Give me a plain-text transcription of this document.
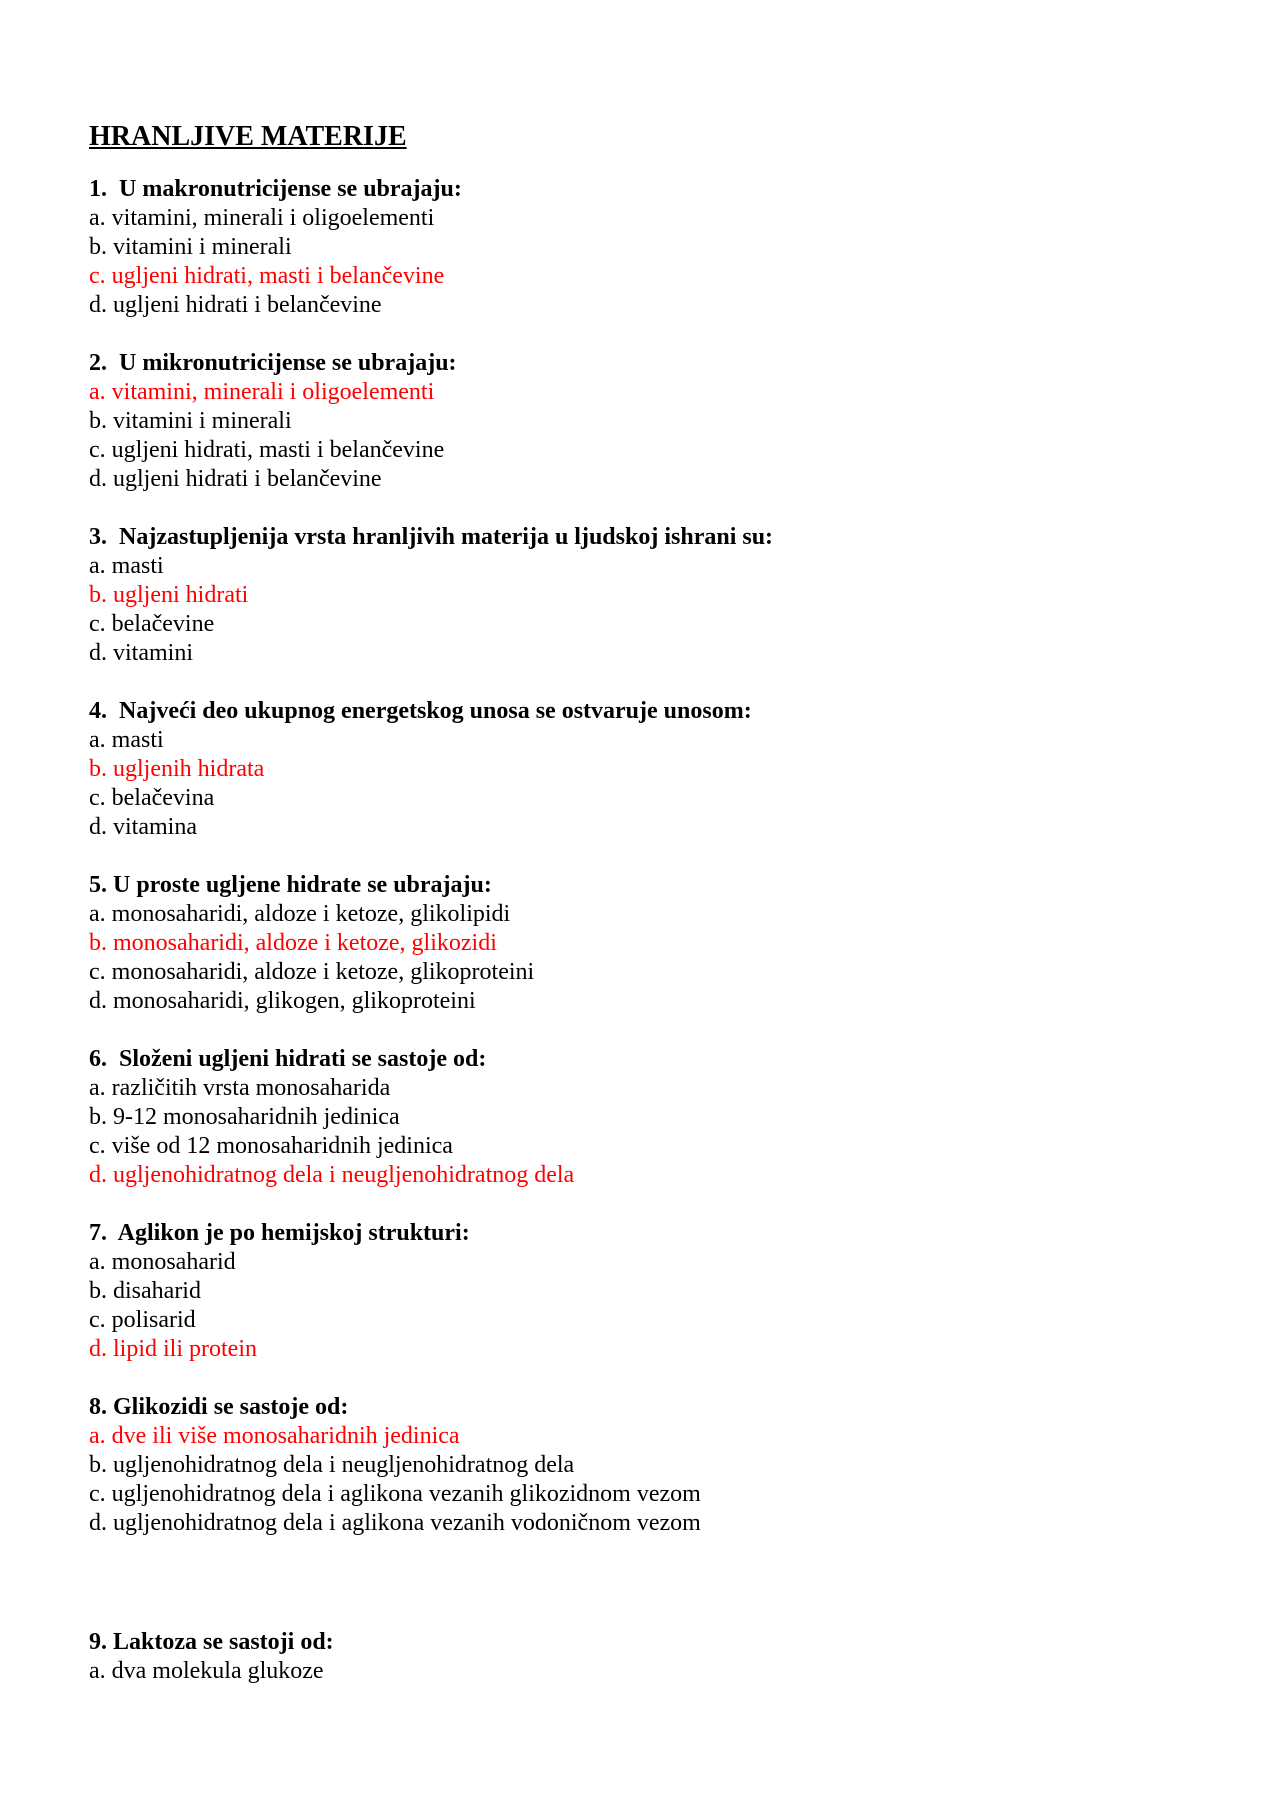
HRANLJIVE MATERIJE
1.  U makronutricijense se ubrajaju:
a. vitamini, minerali i oligoelementi
b. vitamini i minerali
c. ugljeni hidrati, masti i belančevine
d. ugljeni hidrati i belančevine
2.  U mikronutricijense se ubrajaju:
a. vitamini, minerali i oligoelementi
b. vitamini i minerali
c. ugljeni hidrati, masti i belančevine
d. ugljeni hidrati i belančevine
3.  Najzastupljenija vrsta hranljivih materija u ljudskoj ishrani su:
a. masti
b. ugljeni hidrati
c. belačevine
d. vitamini
4.  Najveći deo ukupnog energetskog unosa se ostvaruje unosom:
a. masti
b. ugljenih hidrata
c. belačevina
d. vitamina
5. U proste ugljene hidrate se ubrajaju:
a. monosaharidi, aldoze i ketoze, glikolipidi
b. monosaharidi, aldoze i ketoze, glikozidi
c. monosaharidi, aldoze i ketoze, glikoproteini
d. monosaharidi, glikogen, glikoproteini
6.  Složeni ugljeni hidrati se sastoje od:
a. različitih vrsta monosaharida
b. 9-12 monosaharidnih jedinica
c. više od 12 monosaharidnih jedinica
d. ugljenohidratnog dela i neugljenohidratnog dela
7.  Aglikon je po hemijskoj strukturi:
a. monosaharid
b. disaharid
c. polisarid
d. lipid ili protein
8. Glikozidi se sastoje od:
a. dve ili više monosaharidnih jedinica
b. ugljenohidratnog dela i neugljenohidratnog dela
c. ugljenohidratnog dela i aglikona vezanih glikozidnom vezom
d. ugljenohidratnog dela i aglikona vezanih vodoničnom vezom
9. Laktoza se sastoji od:
a. dva molekula glukoze
